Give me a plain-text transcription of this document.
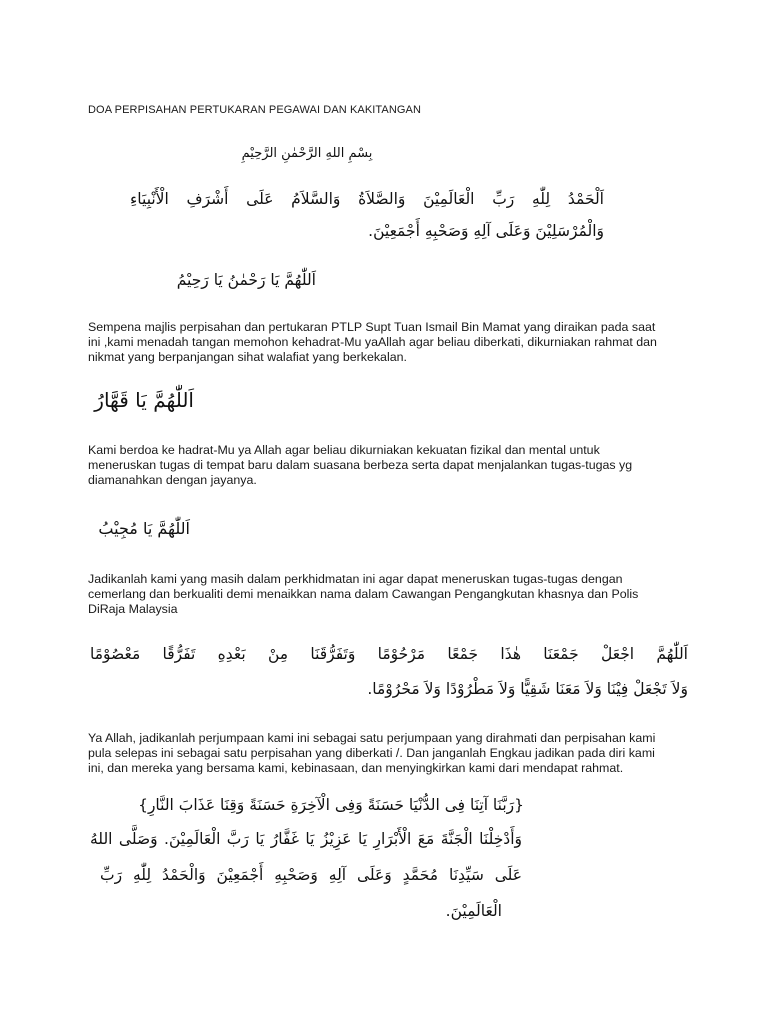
DOA PERPISAHAN PERTUKARAN PEGAWAI DAN KAKITANGAN
بِسْمِ اللهِ الرَّحْمٰنِ الرَّحِيْمِ
اَلْحَمْدُ لِلّٰهِ رَبِّ الْعَالَمِيْنَ وَالصَّلاَةُ وَالسَّلاَمُ عَلَى أَشْرَفِ الْأَنْبِيَاءِ
وَالْمُرْسَلِيْنَ وَعَلَى آلِهِ وَصَحْبِهِ أَجْمَعِيْنَ.
اَللّٰهُمَّ يَا رَحْمٰنُ يَا رَحِيْمُ
Sempena majlis perpisahan dan pertukaran PTLP Supt Tuan Ismail Bin Mamat yang diraikan pada saat
ini ,kami menadah tangan memohon kehadrat-Mu yaAllah agar beliau diberkati, dikurniakan rahmat dan
nikmat yang berpanjangan sihat walafiat yang berkekalan.
اَللّٰهُمَّ يَا قَهَّارُ
Kami berdoa ke hadrat-Mu ya Allah agar beliau dikurniakan kekuatan fizikal dan mental untuk
meneruskan tugas di tempat baru dalam suasana berbeza serta dapat menjalankan tugas-tugas yg
diamanahkan dengan jayanya.
اَللّٰهُمَّ يَا مُجِيْبُ
Jadikanlah kami yang masih dalam perkhidmatan ini agar dapat meneruskan tugas-tugas dengan
cemerlang dan berkualiti demi menaikkan nama dalam Cawangan Pengangkutan khasnya dan Polis
DiRaja Malaysia
اَللّٰهُمَّ اجْعَلْ جَمْعَنَا هٰذَا جَمْعًا مَرْحُوْمًا وَتَفَرُّقَنَا مِنْ بَعْدِهِ تَفَرُّقًا مَعْصُوْمًا
وَلاَ تَجْعَلْ فِيْنَا وَلاَ مَعَنَا شَقِيًّا وَلاَ مَطْرُوْدًا وَلاَ مَحْرُوْمًا.
Ya Allah, jadikanlah perjumpaan kami ini sebagai satu perjumpaan yang dirahmati dan perpisahan kami
pula selepas ini sebagai satu perpisahan yang diberkati /. Dan janganlah Engkau jadikan pada diri kami
ini, dan mereka yang bersama kami, kebinasaan, dan menyingkirkan kami dari mendapat rahmat.
{رَبَّنَا آتِنَا فِى الدُّنْيَا حَسَنَةً وَفِى الْآخِرَةِ حَسَنَةً وَقِنَا عَذَابَ النَّارِ}
وَأَدْخِلْنَا الْجَنَّةَ مَعَ الْأَبْرَارِ يَا عَزِيْزُ يَا غَفَّارُ يَا رَبَّ الْعَالَمِيْنَ. وَصَلَّى اللهُ
عَلَى سَيِّدِنَا مُحَمَّدٍ وَعَلَى آلِهِ وَصَحْبِهِ أَجْمَعِيْنَ وَالْحَمْدُ لِلّٰهِ رَبِّ
الْعَالَمِيْنَ.
